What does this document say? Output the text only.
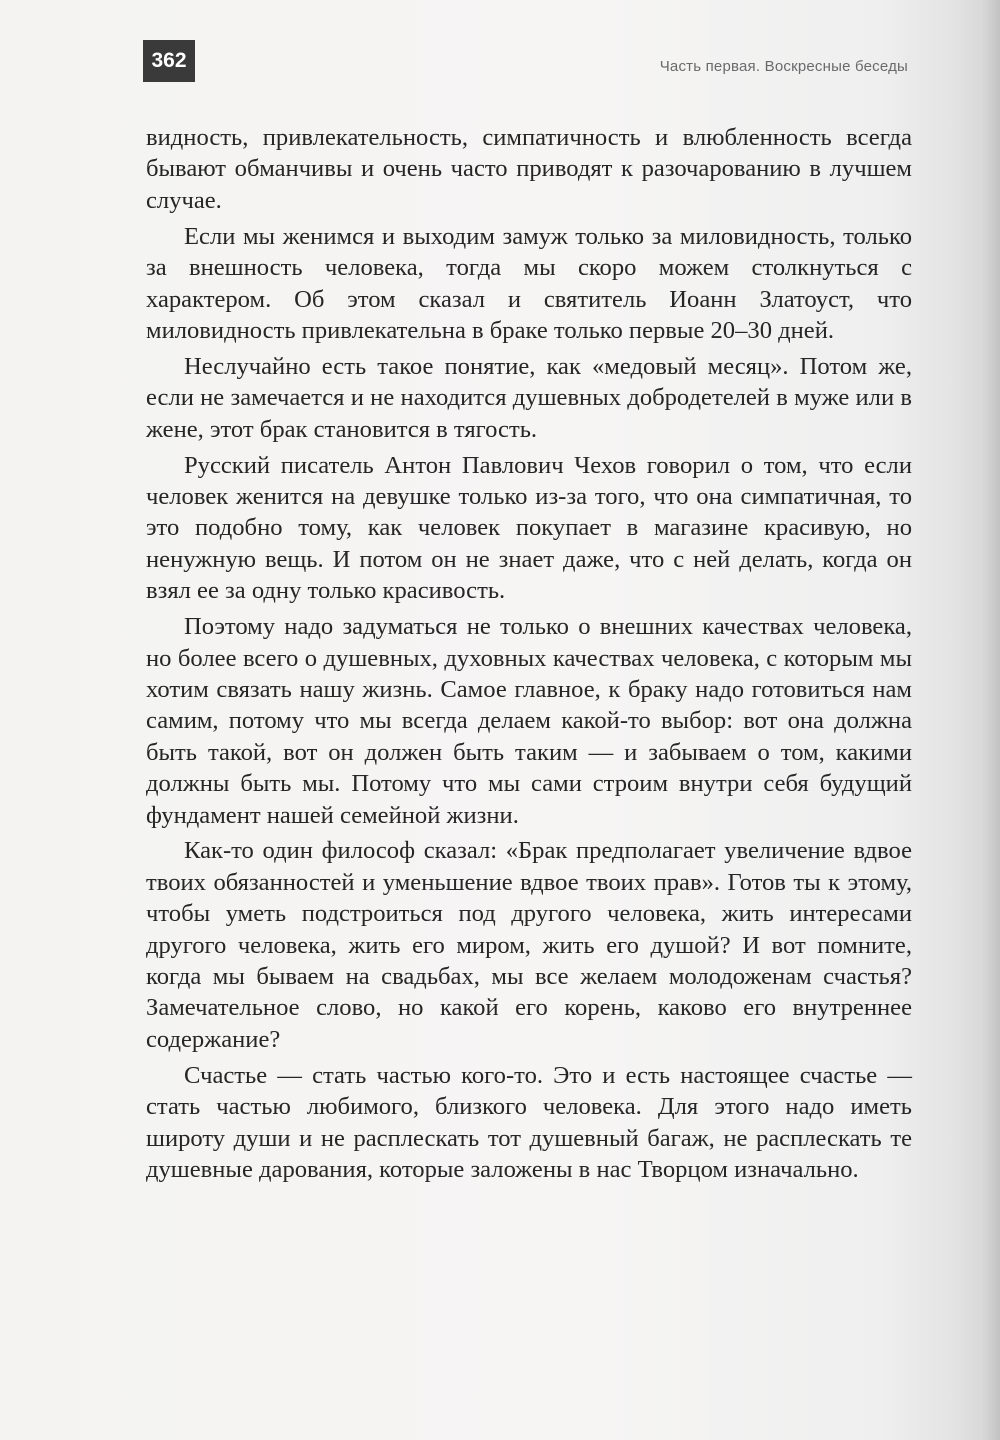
362	Часть первая. Воскресные беседы

видность, привлекательность, симпатичность и влюбленность всегда бывают обманчивы и очень часто приводят к разочарованию в лучшем случае.

Если мы женимся и выходим замуж только за миловидность, только за внешность человека, тогда мы скоро можем столкнуться с характером. Об этом сказал и святитель Иоанн Златоуст, что миловидность привлекательна в браке только первые 20–30 дней.

Неслучайно есть такое понятие, как «медовый месяц». Потом же, если не замечается и не находится душевных добродетелей в муже или в жене, этот брак становится в тягость.

Русский писатель Антон Павлович Чехов говорил о том, что если человек женится на девушке только из-за того, что она симпатичная, то это подобно тому, как человек покупает в магазине красивую, но ненужную вещь. И потом он не знает даже, что с ней делать, когда он взял ее за одну только красивость.

Поэтому надо задуматься не только о внешних качествах человека, но более всего о душевных, духовных качествах человека, с которым мы хотим связать нашу жизнь. Самое главное, к браку надо готовиться нам самим, потому что мы всегда делаем какой-то выбор: вот она должна быть такой, вот он должен быть таким — и забываем о том, какими должны быть мы. Потому что мы сами строим внутри себя будущий фундамент нашей семейной жизни.

Как-то один философ сказал: «Брак предполагает увеличение вдвое твоих обязанностей и уменьшение вдвое твоих прав». Готов ты к этому, чтобы уметь подстроиться под другого человека, жить интересами другого человека, жить его миром, жить его душой? И вот помните, когда мы бываем на свадьбах, мы все желаем молодоженам счастья? Замечательное слово, но какой его корень, каково его внутреннее содержание?

Счастье — стать частью кого-то. Это и есть настоящее счастье — стать частью любимого, близкого человека. Для этого надо иметь широту души и не расплескать тот душевный багаж, не расплескать те душевные дарования, которые заложены в нас Творцом изначально.
